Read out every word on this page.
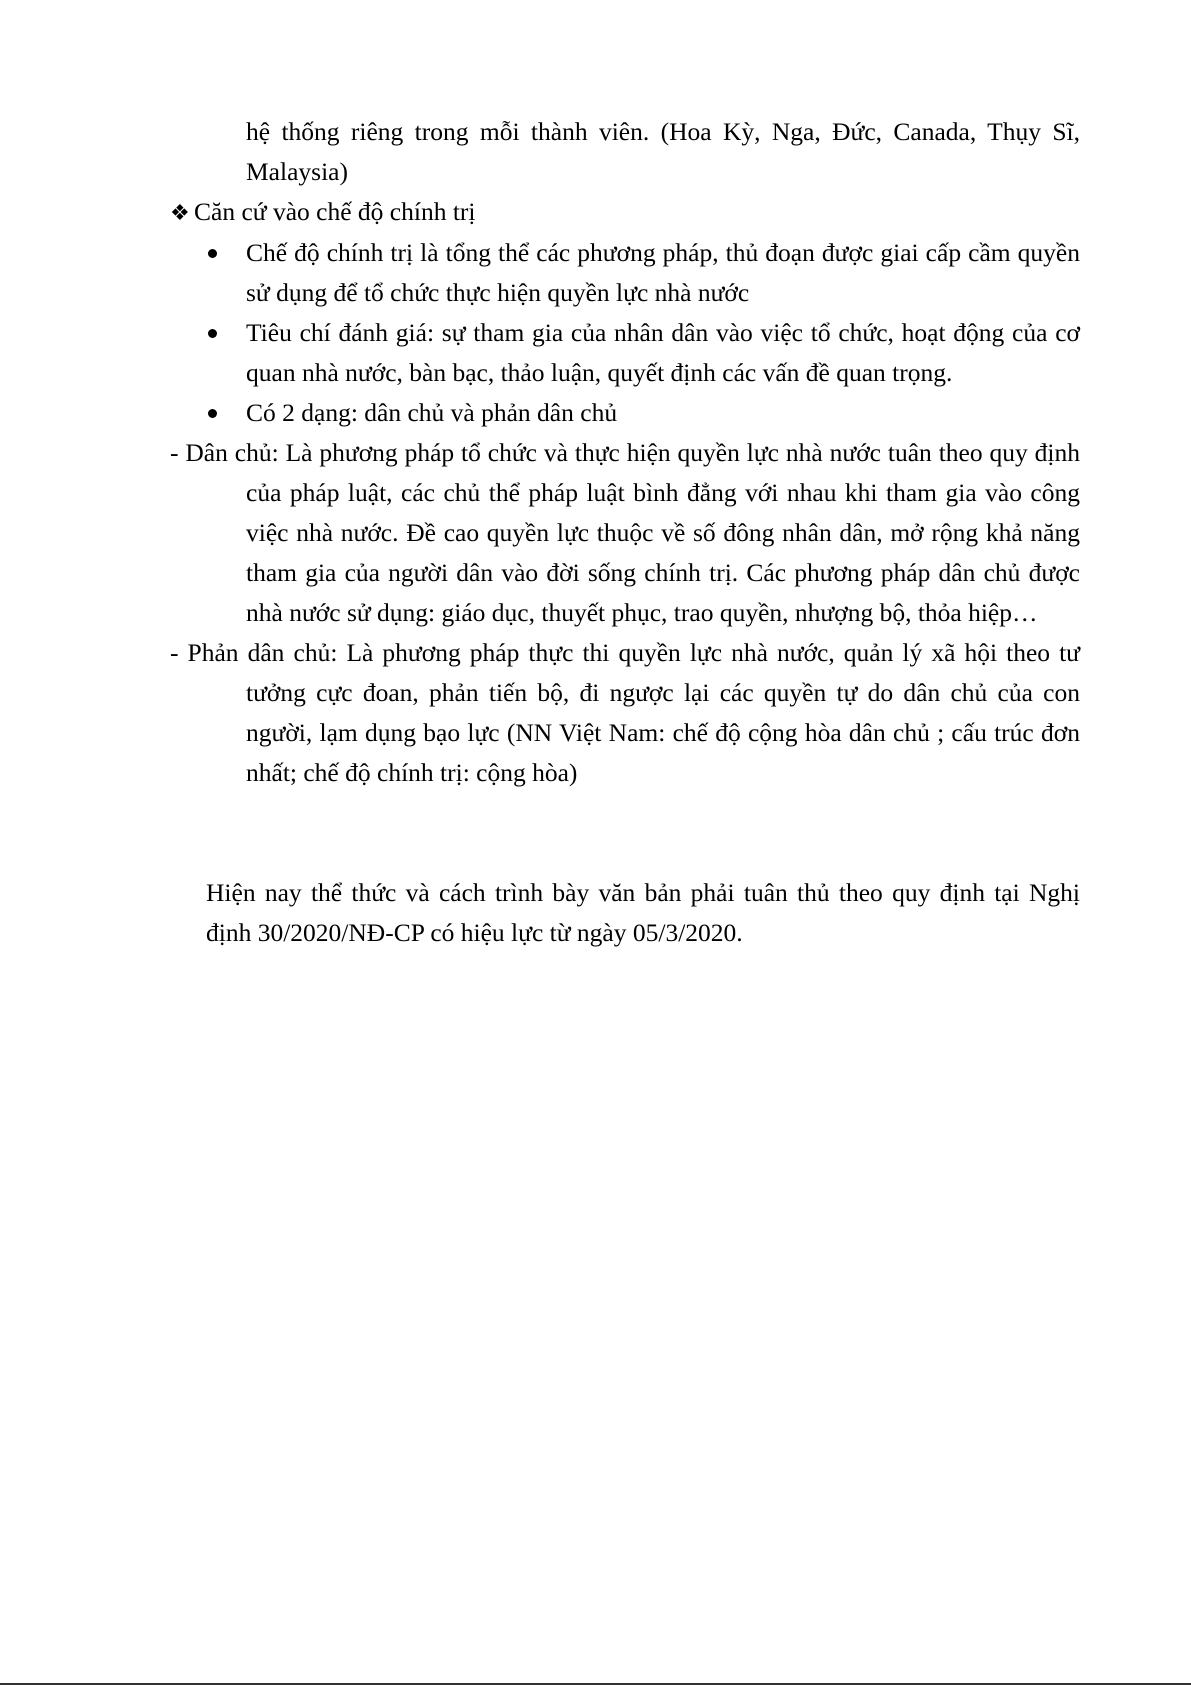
hệ thống riêng trong mỗi thành viên. (Hoa Kỳ, Nga, Đức, Canada, Thụy Sĩ, Malaysia)
❖ Căn cứ vào chế độ chính trị
Chế độ chính trị là tổng thể các phương pháp, thủ đoạn được giai cấp cầm quyền sử dụng để tổ chức thực hiện quyền lực nhà nước
Tiêu chí đánh giá: sự tham gia của nhân dân vào việc tổ chức, hoạt động của cơ quan nhà nước, bàn bạc, thảo luận, quyết định các vấn đề quan trọng.
Có 2 dạng: dân chủ và phản dân chủ
- Dân chủ: Là phương pháp tổ chức và thực hiện quyền lực nhà nước tuân theo quy định của pháp luật, các chủ thể pháp luật bình đẳng với nhau khi tham gia vào công việc nhà nước. Đề cao quyền lực thuộc về số đông nhân dân, mở rộng khả năng tham gia của người dân vào đời sống chính trị. Các phương pháp dân chủ được nhà nước sử dụng: giáo dục, thuyết phục, trao quyền, nhượng bộ, thỏa hiệp…
- Phản dân chủ: Là phương pháp thực thi quyền lực nhà nước, quản lý xã hội theo tư tưởng cực đoan, phản tiến bộ, đi ngược lại các quyền tự do dân chủ của con người, lạm dụng bạo lực (NN Việt Nam: chế độ cộng hòa dân chủ ; cấu trúc đơn nhất; chế độ chính trị: cộng hòa)
Hiện nay thể thức và cách trình bày văn bản phải tuân thủ theo quy định tại Nghị định 30/2020/NĐ-CP có hiệu lực từ ngày 05/3/2020.
